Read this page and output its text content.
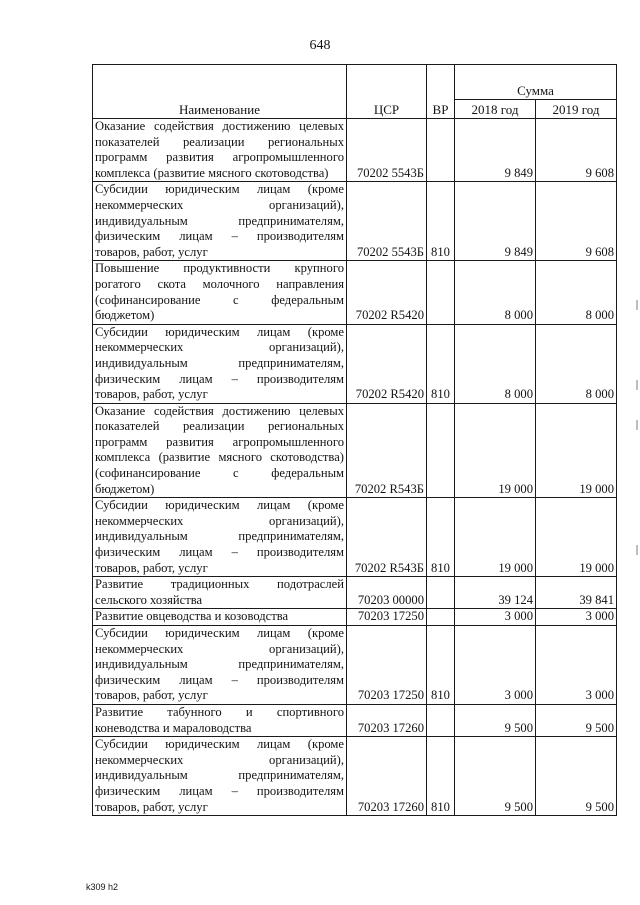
648
Наименование	ЦСР	ВР	Сумма	
			2018 год	2019 год
Оказание содействия достижению целевых показателей реализации региональных программ развития агропромышленного комплекса (развитие мясного скотоводства)	70202 5543Б		9 849	9 608
Субсидии юридическим лицам (кроме некоммерческих организаций), индивидуальным предпринимателям, физическим лицам – производителям товаров, работ, услуг	70202 5543Б	810	9 849	9 608
Повышение продуктивности крупного рогатого скота молочного направления (софинансирование с федеральным бюджетом)	70202 R5420		8 000	8 000
Субсидии юридическим лицам (кроме некоммерческих организаций), индивидуальным предпринимателям, физическим лицам – производителям товаров, работ, услуг	70202 R5420	810	8 000	8 000
Оказание содействия достижению целевых показателей реализации региональных программ развития агропромышленного комплекса (развитие мясного скотоводства) (софинансирование с федеральным бюджетом)	70202 R543Б		19 000	19 000
Субсидии юридическим лицам (кроме некоммерческих организаций), индивидуальным предпринимателям, физическим лицам – производителям товаров, работ, услуг	70202 R543Б	810	19 000	19 000
Развитие традиционных подотраслей сельского хозяйства	70203 00000		39 124	39 841
Развитие овцеводства и козоводства	70203 17250		3 000	3 000
Субсидии юридическим лицам (кроме некоммерческих организаций), индивидуальным предпринимателям, физическим лицам – производителям товаров, работ, услуг	70203 17250	810	3 000	3 000
Развитие табунного и спортивного коневодства и мараловодства	70203 17260		9 500	9 500
Субсидии юридическим лицам (кроме некоммерческих организаций), индивидуальным предпринимателям, физическим лицам – производителям товаров, работ, услуг	70203 17260	810	9 500	9 500
k309 h2
